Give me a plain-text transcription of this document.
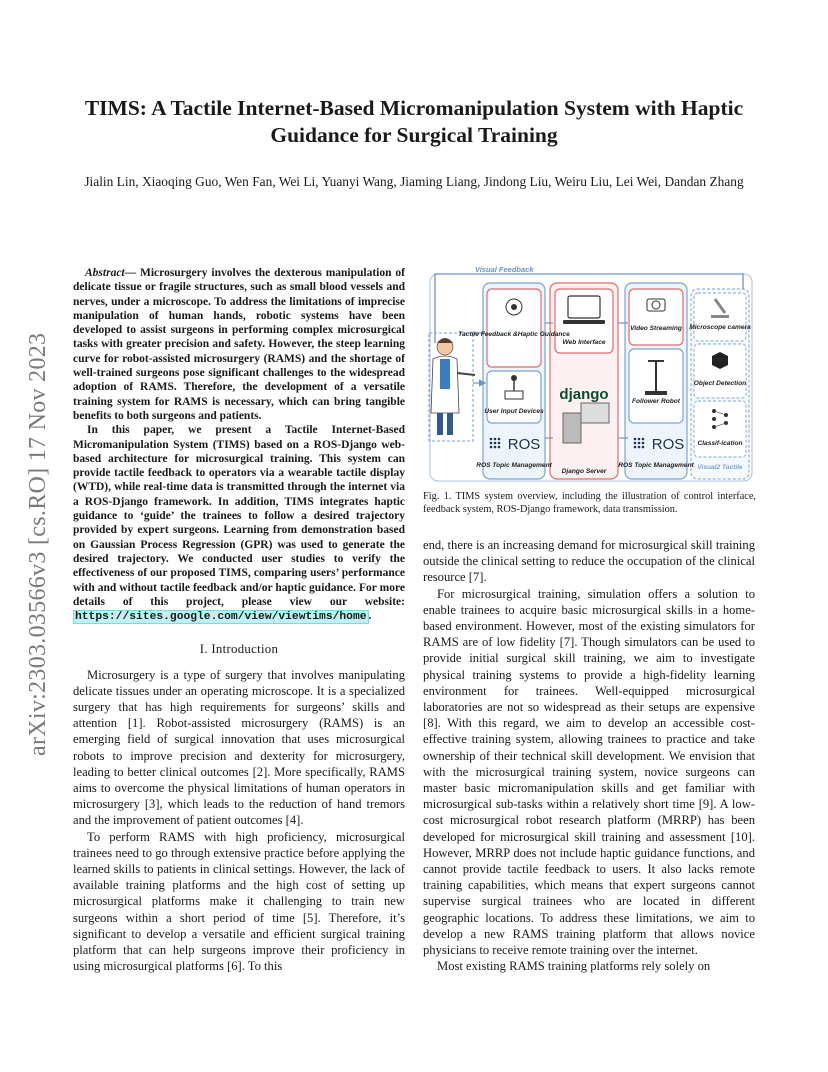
arXiv:2303.03566v3 [cs.RO] 17 Nov 2023
TIMS: A Tactile Internet-Based Micromanipulation System with Haptic Guidance for Surgical Training
Jialin Lin, Xiaoqing Guo, Wen Fan, Wei Li, Yuanyi Wang, Jiaming Liang, Jindong Liu, Weiru Liu, Lei Wei, Dandan Zhang

Abstract— Microsurgery involves the dexterous manipulation of delicate tissue or fragile structures, such as small blood vessels and nerves, under a microscope. To address the limitations of imprecise manipulation of human hands, robotic systems have been developed to assist surgeons in performing complex microsurgical tasks with greater precision and safety. However, the steep learning curve for robot-assisted microsurgery (RAMS) and the shortage of well-trained surgeons pose significant challenges to the widespread adoption of RAMS. Therefore, the development of a versatile training system for RAMS is necessary, which can bring tangible benefits to both surgeons and patients.

In this paper, we present a Tactile Internet-Based Micromanipulation System (TIMS) based on a ROS-Django web-based architecture for microsurgical training. This system can provide tactile feedback to operators via a wearable tactile display (WTD), while real-time data is transmitted through the internet via a ROS-Django framework. In addition, TIMS integrates haptic guidance to ‘guide’ the trainees to follow a desired trajectory provided by expert surgeons. Learning from demonstration based on Gaussian Process Regression (GPR) was used to generate the desired trajectory. We conducted user studies to verify the effectiveness of our proposed TIMS, comparing users’ performance with and without tactile feedback and/or haptic guidance. For more details of this project, please view our website: https://sites.google.com/view/viewtims/home .

I. Introduction

Microsurgery is a type of surgery that involves manipulating delicate tissues under an operating microscope. It is a specialized surgery that has high requirements for surgeons’ skills and attention [1]. Robot-assisted microsurgery (RAMS) is an emerging field of surgical innovation that uses microsurgical robots to improve precision and dexterity for microsurgery, leading to better clinical outcomes [2]. More specifically, RAMS aims to overcome the physical limitations of human operators in microsurgery [3], which leads to the reduction of hand tremors and the improvement of patient outcomes [4].

To perform RAMS with high proficiency, microsurgical trainees need to go through extensive practice before applying the learned skills to patients in clinical settings. However, the lack of available training platforms and the high cost of setting up microsurgical platforms make it challenging to train new surgeons within a short period of time [5]. Therefore, it’s significant to develop a versatile and efficient surgical training platform that can help surgeons improve their proficiency in using microsurgical platforms [6]. To this

Visual Feedback
Tactile Feedback &Haptic Guidance
User Input Devices
Web Interface
Video Streaming Microscope camera
Object Detection
Follower Robot
Classif-ication
ROS Topic Management
Django Server
ROS Topic Management Visual2 Tactile
django
ROS	ROS
Fig. 1. TIMS system overview, including the illustration of control interface, feedback system, ROS-Django framework, data transmission.

end, there is an increasing demand for microsurgical skill training outside the clinical setting to reduce the occupation of the clinical resource [7].

For microsurgical training, simulation offers a solution to enable trainees to acquire basic microsurgical skills in a home-based environment. However, most of the existing simulators for RAMS are of low fidelity [7]. Though simulators can be used to provide initial surgical skill training, we aim to investigate physical training systems to provide a high-fidelity learning environment for trainees. Well-equipped microsurgical laboratories are not so widespread as their setups are expensive [8]. With this regard, we aim to develop an accessible cost-effective training system, allowing trainees to practice and take ownership of their technical skill development. We envision that with the microsurgical training system, novice surgeons can master basic micromanipulation skills and get familiar with microsurgical sub-tasks within a relatively short time [9]. A low-cost microsurgical robot research platform (MRRP) has been developed for microsurgical skill training and assessment [10]. However, MRRP does not include haptic guidance functions, and cannot provide tactile feedback to users. It also lacks remote training capabilities, which means that expert surgeons cannot supervise surgical trainees who are located in different geographic locations. To address these limitations, we aim to develop a new RAMS training platform that allows novice physicians to receive remote training over the internet.

Most existing RAMS training platforms rely solely on
